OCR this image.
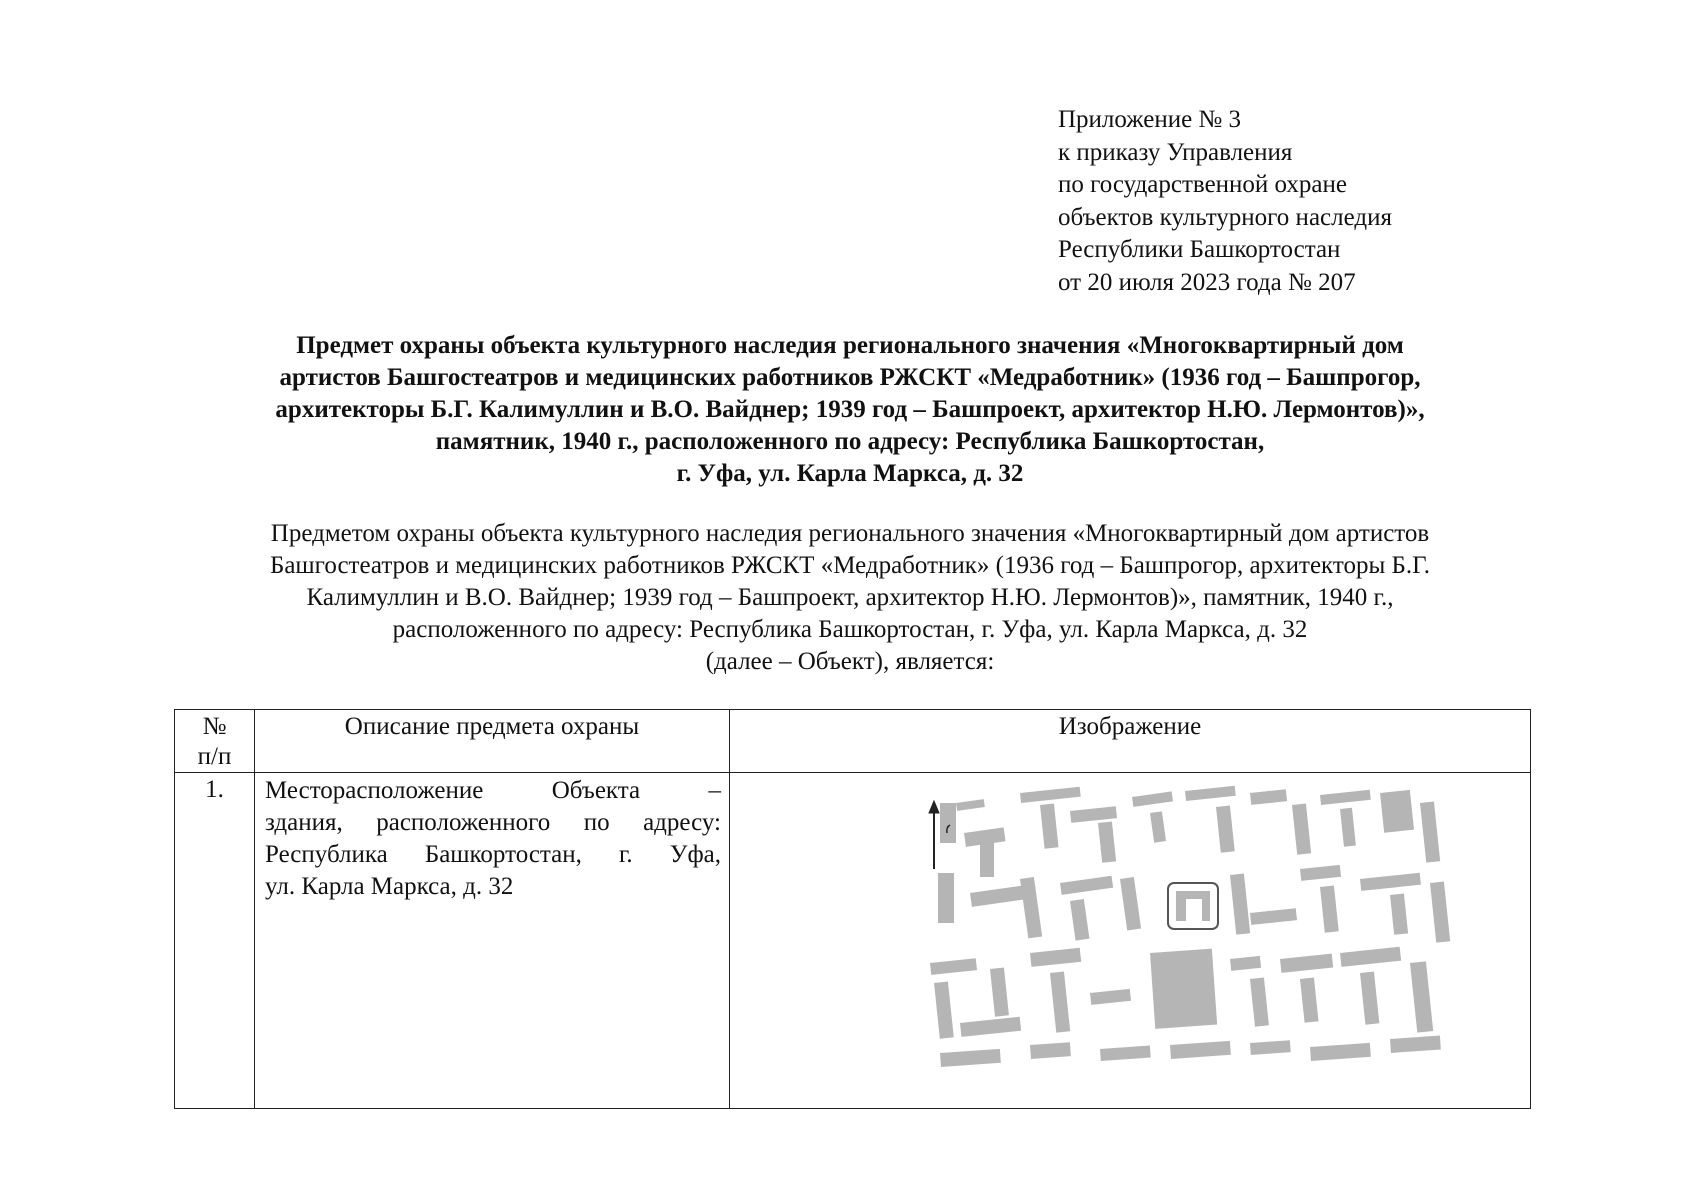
Приложение № 3
к приказу Управления
по государственной охране
объектов культурного наследия
Республики Башкортостан
от 20 июля 2023 года № 207
Предмет охраны объекта культурного наследия регионального значения «Многоквартирный дом
артистов Башгостеатров и медицинских работников РЖСКТ «Медработник» (1936 год – Башпрогор,
архитекторы Б.Г. Калимуллин и В.О. Вайднер; 1939 год – Башпроект, архитектор Н.Ю. Лермонтов)»,
памятник, 1940 г., расположенного по адресу: Республика Башкортостан,
г. Уфа, ул. Карла Маркса, д. 32
Предметом охраны объекта культурного наследия регионального значения «Многоквартирный дом артистов
Башгостеатров и медицинских работников РЖСКТ «Медработник» (1936 год – Башпрогор, архитекторы Б.Г.
Калимуллин и В.О. Вайднер; 1939 год – Башпроект, архитектор Н.Ю. Лермонтов)», памятник, 1940 г.,
расположенного по адресу: Республика Башкортостан, г. Уфа, ул. Карла Маркса, д. 32
(далее – Объект), является:
№
п/п	Описание предмета охраны	Изображение
1.	Месторасположение Объекта –
здания, расположенного по адресу:
Республика Башкортостан, г. Уфа,
ул. Карла Маркса, д. 32
